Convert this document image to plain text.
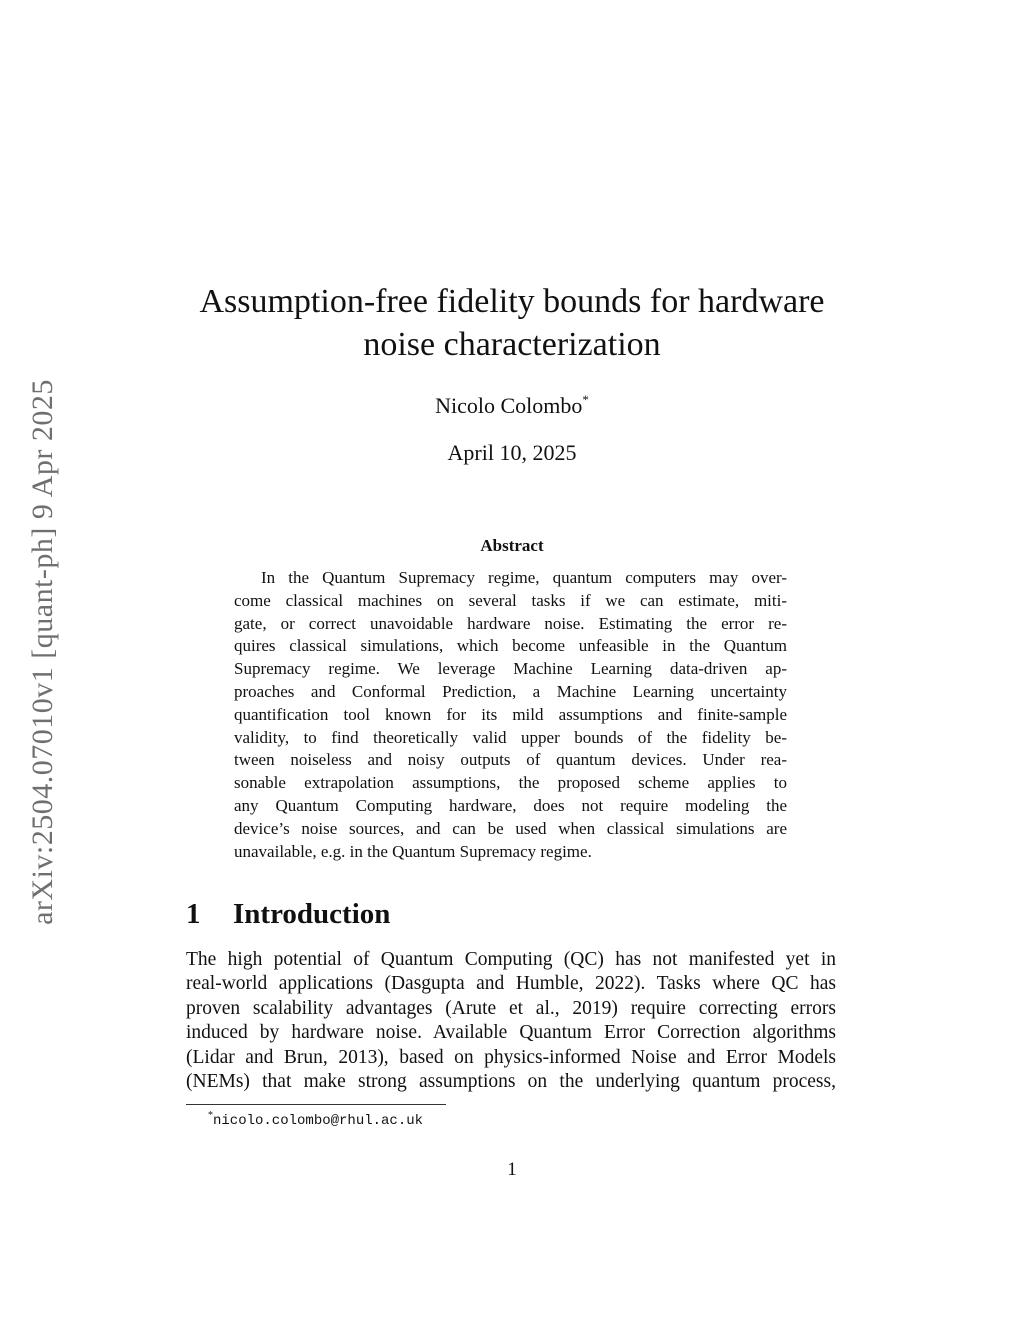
arXiv:2504.07010v1 [quant-ph] 9 Apr 2025
Assumption-free fidelity bounds for hardware
noise characterization
Nicolo Colombo*
April 10, 2025
Abstract
In the Quantum Supremacy regime, quantum computers may over-
come classical machines on several tasks if we can estimate, miti-
gate, or correct unavoidable hardware noise. Estimating the error re-
quires classical simulations, which become unfeasible in the Quantum
Supremacy regime. We leverage Machine Learning data-driven ap-
proaches and Conformal Prediction, a Machine Learning uncertainty
quantification tool known for its mild assumptions and finite-sample
validity, to find theoretically valid upper bounds of the fidelity be-
tween noiseless and noisy outputs of quantum devices. Under rea-
sonable extrapolation assumptions, the proposed scheme applies to
any Quantum Computing hardware, does not require modeling the
device’s noise sources, and can be used when classical simulations are
unavailable, e.g. in the Quantum Supremacy regime.
1 Introduction
The high potential of Quantum Computing (QC) has not manifested yet in
real-world applications (Dasgupta and Humble, 2022). Tasks where QC has
proven scalability advantages (Arute et al., 2019) require correcting errors
induced by hardware noise. Available Quantum Error Correction algorithms
(Lidar and Brun, 2013), based on physics-informed Noise and Error Models
(NEMs) that make strong assumptions on the underlying quantum process,
*nicolo.colombo@rhul.ac.uk
1
